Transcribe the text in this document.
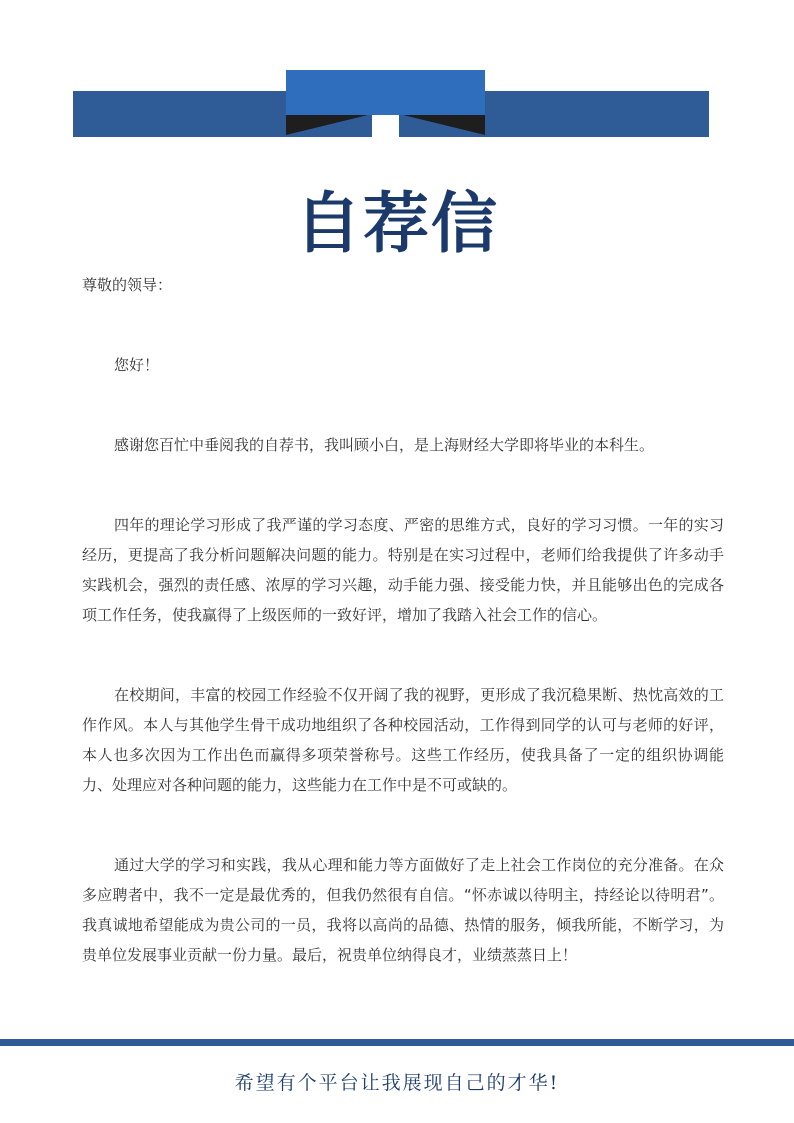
自荐信

尊敬的领导：

您好！

感谢您百忙中垂阅我的自荐书，我叫顾小白，是上海财经大学即将毕业的本科生。

四年的理论学习形成了我严谨的学习态度、严密的思维方式，良好的学习习惯。一年的实习经历，更提高了我分析问题解决问题的能力。特别是在实习过程中，老师们给我提供了许多动手实践机会，强烈的责任感、浓厚的学习兴趣，动手能力强、接受能力快，并且能够出色的完成各项工作任务，使我赢得了上级医师的一致好评，增加了我踏入社会工作的信心。

在校期间，丰富的校园工作经验不仅开阔了我的视野，更形成了我沉稳果断、热忱高效的工作作风。本人与其他学生骨干成功地组织了各种校园活动，工作得到同学的认可与老师的好评，本人也多次因为工作出色而赢得多项荣誉称号。这些工作经历，使我具备了一定的组织协调能力、处理应对各种问题的能力，这些能力在工作中是不可或缺的。

通过大学的学习和实践，我从心理和能力等方面做好了走上社会工作岗位的充分准备。在众多应聘者中，我不一定是最优秀的，但我仍然很有自信。“怀赤诚以待明主，持经论以待明君”。我真诚地希望能成为贵公司的一员，我将以高尚的品德、热情的服务，倾我所能，不断学习，为贵单位发展事业贡献一份力量。最后，祝贵单位纳得良才，业绩蒸蒸日上！

希望有个平台让我展现自己的才华!
